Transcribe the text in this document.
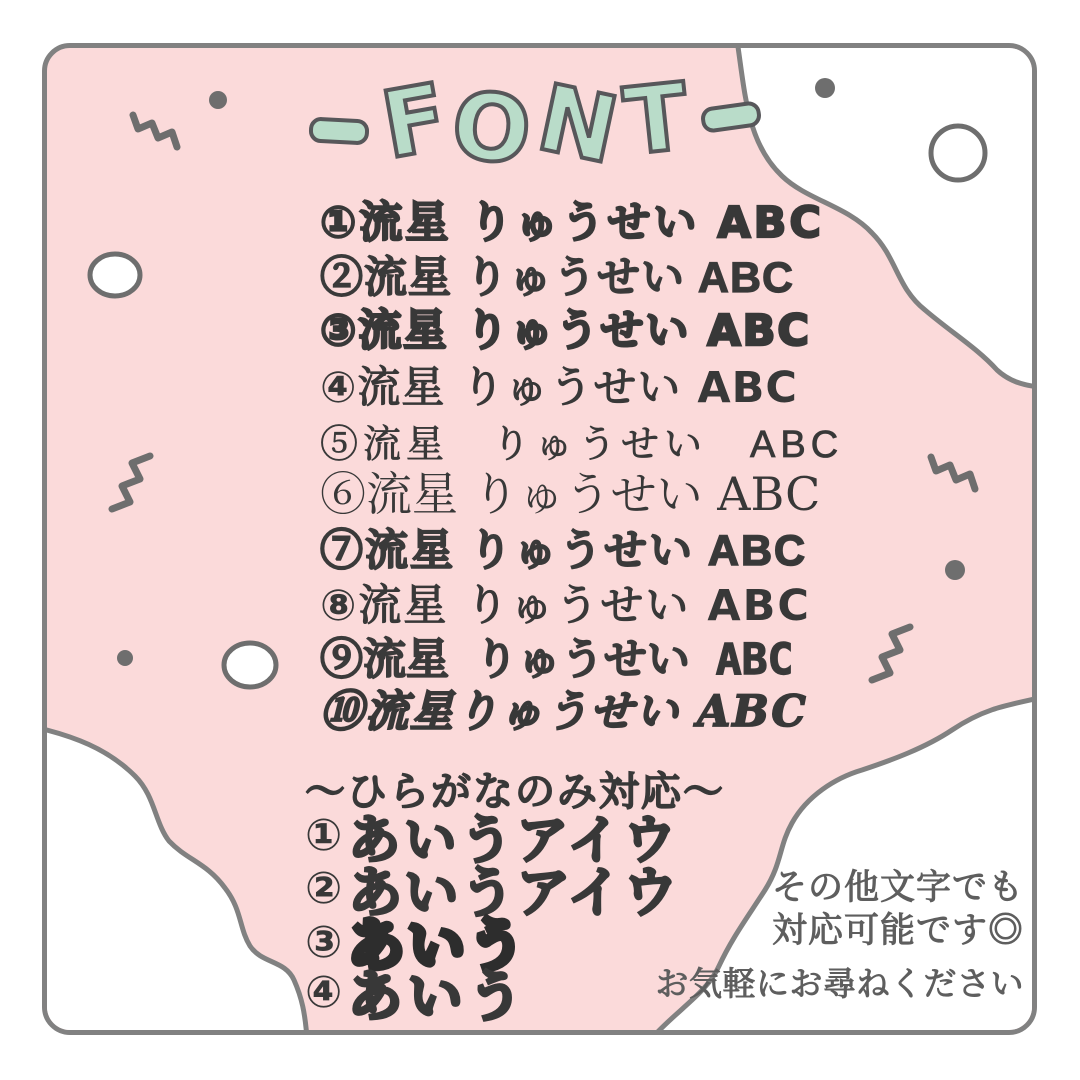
F
O
N
T
①流星 りゅうせい ABC
②流星 りゅうせい ABC
③流星 りゅうせい ABC
④流星 りゅうせい ABC
⑤流星　りゅうせい　ABC
⑥流星 りゅうせい ABC
⑦流星 りゅうせい ABC
⑧流星 りゅうせい ABC
⑨流星 りゅうせい ABC
⑩流星りゅうせい ABC
〜ひらがなのみ対応〜
① あいうアイウ
② あいうアイウ
③ あいう
④ あいう
その他文字でも
対応可能です◎
お気軽にお尋ねください
